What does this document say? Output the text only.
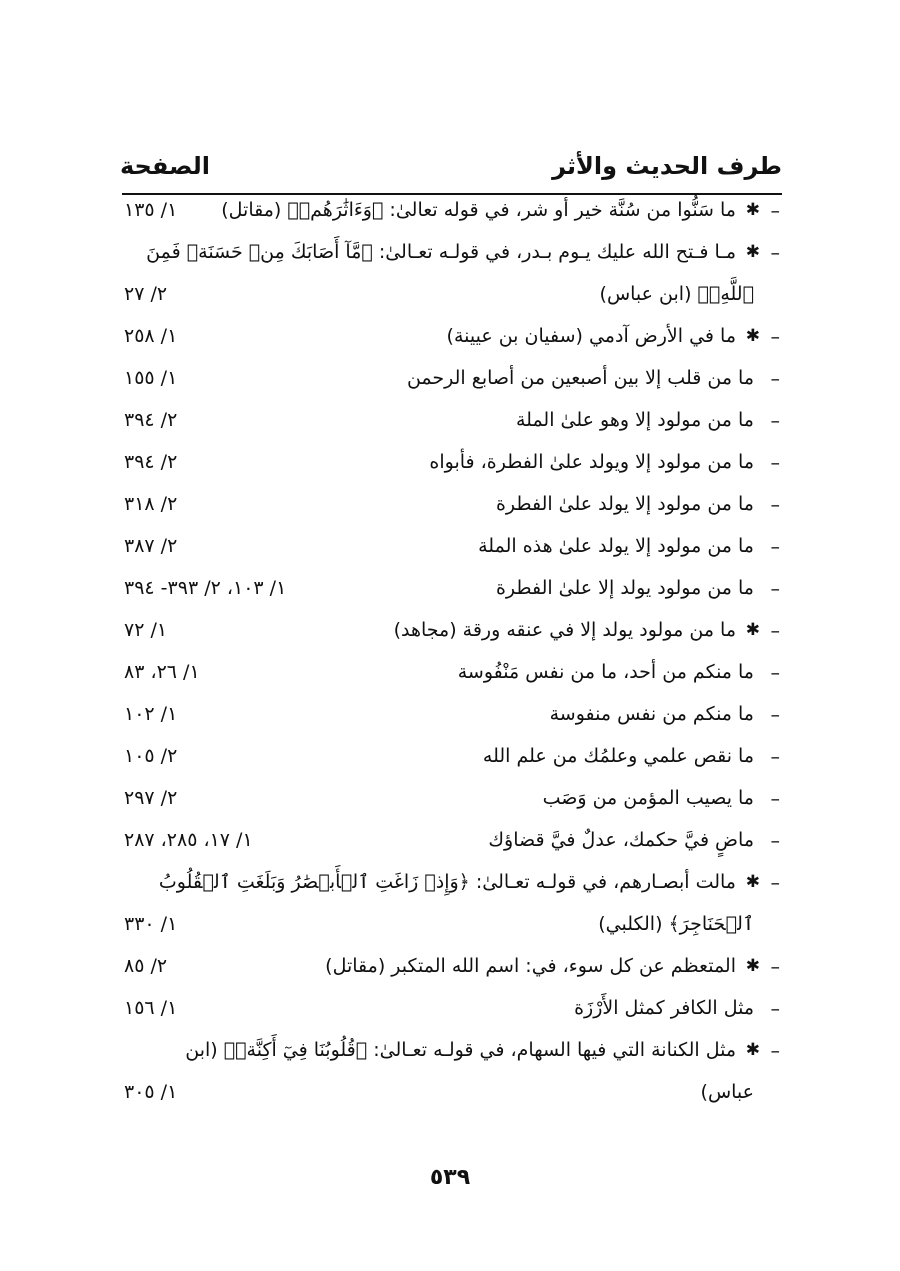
طرف الحديث والأثر
الصفحة
–
✱
ما سَنُّوا من سُنَّة خير أو شر، في قوله تعالىٰ: ﴿وَءَاثَٰرَهُمۡ﴾ (مقاتل)
١/ ١٣٥
–
✱
مـا فـتح الله عليك يـوم بـدر، في قولـه تعـالىٰ: ﴿مَّآ أَصَابَكَ مِنۡ حَسَنَةٖ فَمِنَ
ٱللَّهِۖ﴾ (ابن عباس)
٢/ ٢٧
–
✱
ما في الأرض آدمي (سفيان بن عيينة)
١/ ٢٥٨
–
ما من قلب إلا بين أصبعين من أصابع الرحمن
١/ ١٥٥
–
ما من مولود إلا وهو علىٰ الملة
٢/ ٣٩٤
–
ما من مولود إلا ويولد علىٰ الفطرة، فأبواه
٢/ ٣٩٤
–
ما من مولود إلا يولد علىٰ الفطرة
٢/ ٣١٨
–
ما من مولود إلا يولد علىٰ هذه الملة
٢/ ٣٨٧
–
ما من مولود يولد إلا علىٰ الفطرة
١/ ١٠٣، ٢/ ٣٩٣- ٣٩٤
–
✱
ما من مولود يولد إلا في عنقه ورقة (مجاهد)
١/ ٧٢
–
ما منكم من أحد، ما من نفس مَنْفُوسة
١/ ٢٦، ٨٣
–
ما منكم من نفس منفوسة
١/ ١٠٢
–
ما نقص علمي وعلمُك من علم الله
٢/ ١٠٥
–
ما يصيب المؤمن من وَصَب
٢/ ٢٩٧
–
ماضٍ فيَّ حكمك، عدلٌ فيَّ قضاؤك
١/ ١٧، ٢٨٥، ٢٨٧
–
✱
مالت أبصـارهم، في قولـه تعـالىٰ: ﴿وَإِذۡ زَاغَتِ ٱلۡأَبۡصَٰرُ وَبَلَغَتِ ٱلۡقُلُوبُ
ٱلۡحَنَاجِرَ﴾ (الكلبي)
١/ ٣٣٠
–
✱
المتعظم عن كل سوء، في: اسم الله المتكبر (مقاتل)
٢/ ٨٥
–
مثل الكافر كمثل الأَرْزَة
١/ ١٥٦
–
✱
مثل الكنانة التي فيها السهام، في قولـه تعـالىٰ: ﴿قُلُوبُنَا فِيٓ أَكِنَّةٖ﴾ (ابن
عباس)
١/ ٣٠٥
٥٣٩
